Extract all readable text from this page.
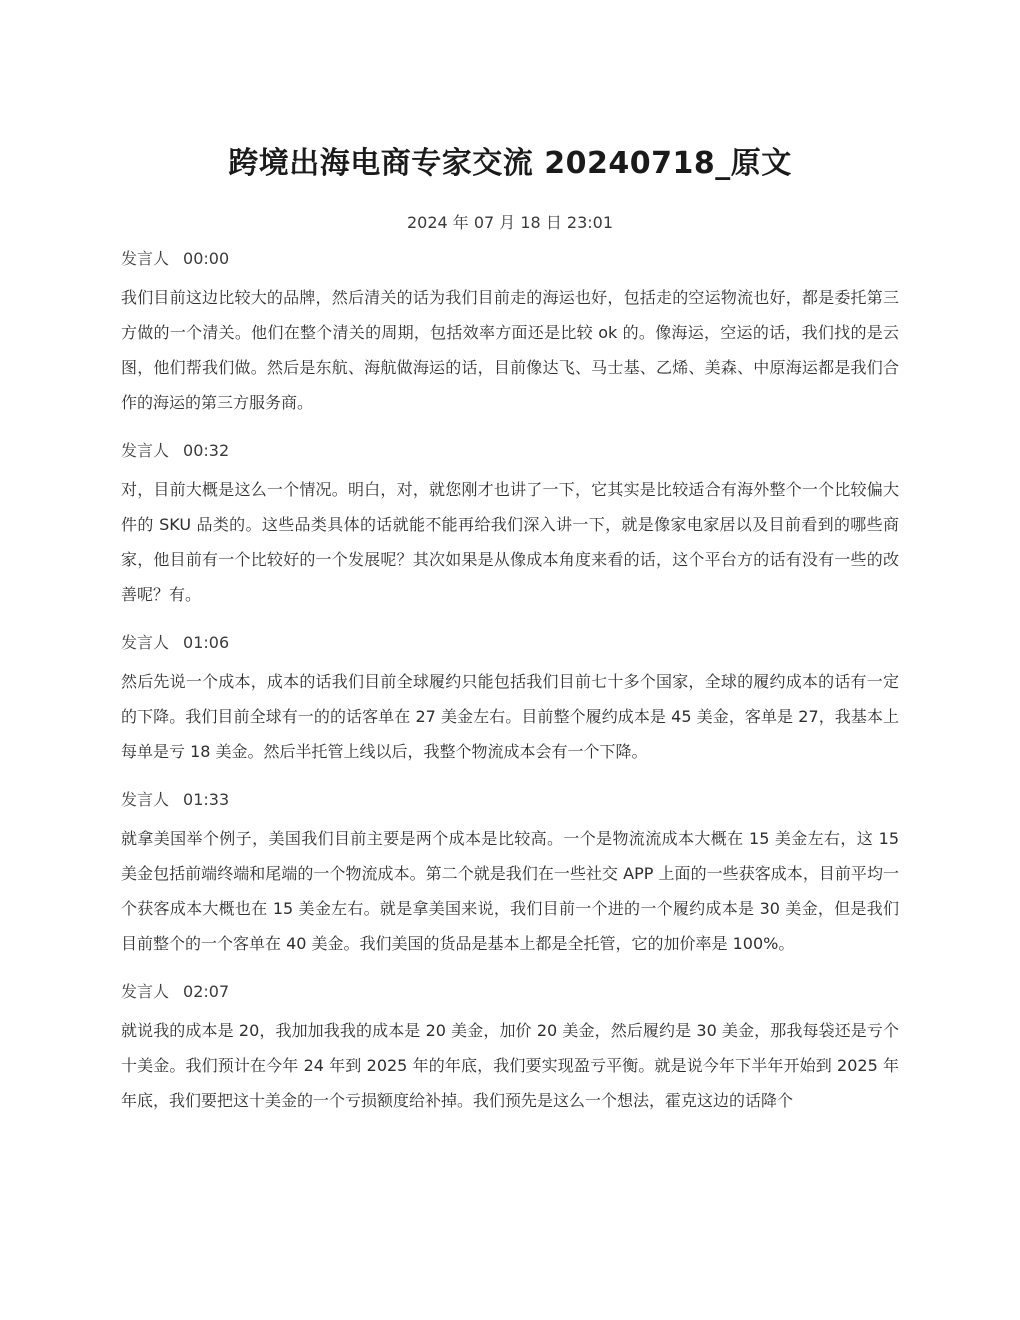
跨境出海电商专家交流 20240718_原文
2024 年 07 月 18 日 23:01
发言人 00:00

我们目前这边比较大的品牌，然后清关的话为我们目前走的海运也好，包括走的空运物流也好，都是委托第三方做的一个清关。他们在整个清关的周期，包括效率方面还是比较 ok 的。像海运，空运的话，我们找的是云图，他们帮我们做。然后是东航、海航做海运的话，目前像达飞、马士基、乙烯、美森、中原海运都是我们合作的海运的第三方服务商。

发言人 00:32

对，目前大概是这么一个情况。明白，对，就您刚才也讲了一下，它其实是比较适合有海外整个一个比较偏大件的 SKU 品类的。这些品类具体的话就能不能再给我们深入讲一下，就是像家电家居以及目前看到的哪些商家，他目前有一个比较好的一个发展呢？其次如果是从像成本角度来看的话，这个平台方的话有没有一些的改善呢？有。

发言人 01:06

然后先说一个成本，成本的话我们目前全球履约只能包括我们目前七十多个国家，全球的履约成本的话有一定的下降。我们目前全球有一的的话客单在 27 美金左右。目前整个履约成本是 45 美金，客单是 27，我基本上每单是亏 18 美金。然后半托管上线以后，我整个物流成本会有一个下降。

发言人 01:33

就拿美国举个例子，美国我们目前主要是两个成本是比较高。一个是物流流成本大概在 15 美金左右，这 15 美金包括前端终端和尾端的一个物流成本。第二个就是我们在一些社交 APP 上面的一些获客成本，目前平均一个获客成本大概也在 15 美金左右。就是拿美国来说，我们目前一个进的一个履约成本是 30 美金，但是我们目前整个的一个客单在 40 美金。我们美国的货品是基本上都是全托管，它的加价率是 100%。

发言人 02:07

就说我的成本是 20，我加加我我的成本是 20 美金，加价 20 美金，然后履约是 30 美金，那我每袋还是亏个十美金。我们预计在今年 24 年到 2025 年的年底，我们要实现盈亏平衡。就是说今年下半年开始到 2025 年年底，我们要把这十美金的一个亏损额度给补掉。我们预先是这么一个想法，霍克这边的话降个
